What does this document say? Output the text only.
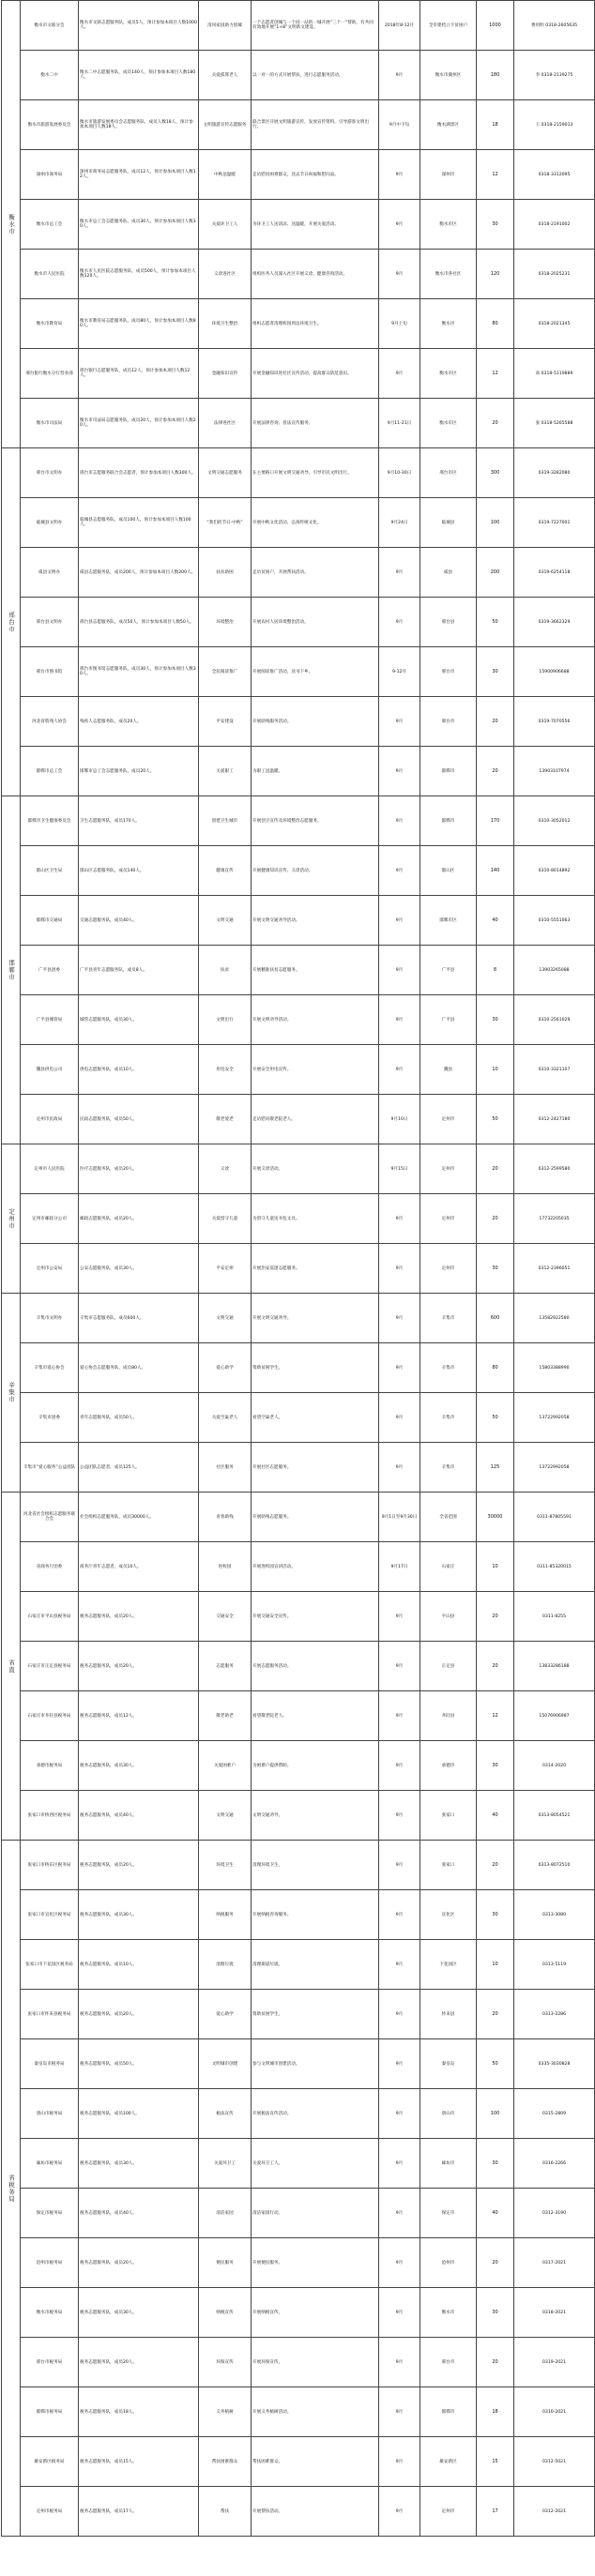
衡水市	衡水市文联分会	衡水市文联志愿服务队，成员5人，预计参加本项目人数1000人。	清风家园助力创城	一个志愿者创城与一个同一站的一城开展“三个一”帮助，有共同有效地开展“1+8”文明新文建设。	2018年8-12月	全市建档立卡贫困户	1000	费用明 0318-2605635
	衡水二中	衡水二中志愿服务队，成员140人，预计参加本项目人数180人。	关爱孤寡老人	以一对一的方式开展帮扶，进行志愿服务活动。	9月	衡水市冀州区	180	李 0318-2139275
	衡水市旅游发展委员会	衡水市旅游发展委员会志愿服务队，成员人数18人，预计参加本项目人数18人。	文明旅游宣传志愿服务	联合景区开展文明旅游宣传，发放宣传资料，引导游客文明出行。	9月中下旬	衡水湖景区	18	王 0318-2159013
	深州市商务局	深州市商务局志愿服务队，成员12人，预计参加本项目人数12人。	中秋送温暖	走访慰问困难群众，送去节日祝福和慰问品。	9月	深州市	12	0318-3312095
	衡水市总工会	衡水市总工会志愿服务队，成员30人，预计参加本项目人数30人。	关爱环卫工人	为环卫工人送清凉、送温暖，开展关爱活动。	9月	衡水市区	30	0318-2191002
	衡水市人民医院	衡水市人民医院志愿服务队，成员500人，预计参加本项目人数120人。	义诊进社区	组织医务人员深入社区开展义诊、健康咨询活动。	9月	衡水市各社区	120	0318-2025231
	衡水市教育局	衡水市教育局志愿服务队，成员80人，预计参加本项目人数80人。	环境卫生整治	组织志愿者清理校园周边环境卫生。	9月上旬	衡水市	80	0318-2021345
	邢台银行衡水分行营业部	邢台银行志愿服务队，成员12人，预计参加本项目人数12人。	金融知识宣传	开展金融知识进社区宣传活动，提高群众防范意识。	9月	衡水市区	12	高 0318-5119889
	衡水市司法局	衡水市司法局志愿服务队，成员20人，预计参加本项目人数20人。	法律进社区	开展法律咨询、普法宣传服务。	9月11-21日	衡水市区	20	张 0318-5265588
邢台市	邢台市文明办	邢台市志愿服务联合会志愿者，预计参加本项目人数300人。	文明交通志愿服务	在主要路口开展文明交通劝导，引导市民文明出行。	9月10-30日	邢台市区	300	0319-3282080
	临城县文明办	临城县志愿服务队，成员100人，预计参加本项目人数100人。	“我们的节日·中秋”	开展中秋文化活动，弘扬传统文化。	9月24日	临城县	100	0319-7227001
	威县文明办	威县志愿服务队，成员200人，预计参加本项目人数200人。	扶贫助困	走访贫困户，开展帮扶活动。	9月	威县	200	0319-6254118
	邢台县文明办	邢台县志愿服务队，成员50人，预计参加本项目人数50人。	环境整治	开展农村人居环境整治活动。	9月	邢台县	50	0319-3662329
	邢台市图书馆	邢台市图书馆志愿服务队，成员30人，预计参加本项目人数30人。	全民阅读推广	开展阅读推广活动，送书下乡。	9-12月	邢台市	30	15900906688
	河北省肢残人协会	残疾人志愿服务队，成员20人。	平安建设	开展助残服务活动。	9月	邢台市	20	0319-7070556
	邯郸市总工会	邯郸市总工会志愿服务队，成员20人。	关爱职工	为职工送温暖。	9月	邯郸市	20	13903107974
邯郸市	邯郸市卫生健康委员会	卫生志愿服务队，成员170人。	创建卫生城市	开展创卫宣传及环境整治志愿服务。	9月	邯郸市	170	0310-3052012
	邯山区卫生局	邯山区志愿服务队，成员140人。	健康宣传	开展健康知识宣传、义诊活动。	9月	邯山区	140	0310-8014892
	邯郸市交通局	交通志愿服务队，成员40人。	文明交通	开展文明交通劝导活动。	9月	邯郸市区	40	0310-5551063
	广平县团委	广平县青年志愿服务队，成员8人。	扶贫	开展精准扶贫志愿服务。	9月	广平县	8	13903265088
	广平县城管局	城管志愿服务队，成员30人。	文明出行	开展文明劝导活动。	9月	广平县	30	0310-2561029
	魏县供电公司	供电志愿服务队，成员10人。	用电安全	开展安全用电宣传。	9月	魏县	10	0310-3321107
	定州市民政局	民政志愿服务队，成员50人。	敬老爱老	走访慰问敬老院老人。	9月10日	定州市	50	0312-2427180
定州市	定州市人民医院	医疗志愿服务队，成员20人。	义诊	开展义诊活动。	9月15日	定州市	20	0312-2599580
	定州市邮政分公司	邮政志愿服务队，成员20人。	关爱留守儿童	为留守儿童送书包文具。	9月	定州市	20	17732205035
	定州市公安局	公安志愿服务队，成员30人。	平安定州	开展治安巡逻志愿服务。	9月	定州市	30	0312-2396051
辛集市	辛集市文明办	辛集市志愿服务队，成员600人。	文明交通	开展文明交通劝导。	9月	辛集市	600	13582922580
	辛集市爱心协会	爱心协会志愿服务队，成员80人。	爱心助学	资助贫困学生。	9月	辛集市	80	15803388990
	辛集市团委	青年志愿服务队，成员50人。	关爱空巢老人	看望空巢老人。	9月	辛集市	50	13722992058
	辛集市“爱心服务”公益团队	公益团队志愿者，成员125人。	社区服务	开展社区志愿服务。	9月	辛集市	125	13722992058
省直	河北省社会组织志愿服务联合会	社会组织志愿服务队，成员30000人。	青春助残	开展助残志愿服务。	9月1日至9月30日	全省范围	30000	0311-87805591
	省商务厅团委	商务厅青年志愿者，成员10人。	进校园	开展进校园宣讲活动。	9月17日	石家庄	10	0311-85320015
	石家庄市平山县税务局	税务志愿服务队，成员20人。	交通安全	开展交通安全宣传。	9月	平山县	20	0311-8255
	石家庄市正定县税务局	税务志愿服务队，成员20人。	志愿服务	开展志愿服务活动。	9月	正定县	20	13833286188
	石家庄市井陉县税务局	税务志愿服务队，成员12人。	敬老助老	看望敬老院老人。	9月	井陉县	12	15076906987
	承德市税务局	税务志愿服务队，成员30人。	关爱困难户	为困难户提供帮助。	9月	承德市	30	0314-2020
	张家口市桥西区税务局	税务志愿服务队，成员40人。	文明交通	文明交通劝导。	9月	张家口	40	0313-8054521
省税务局	张家口市桥东区税务局	税务志愿服务队，成员20人。	环境卫生	清理环境卫生。	9月	张家口	20	0313-8072510
	张家口市宣化区税务局	税务志愿服务队，成员30人。	纳税服务	开展纳税咨询服务。	9月	宣化区	30	0313-3080
	张家口市下花园区税务局	税务志愿服务队，成员10人。	清理垃圾	清理街道垃圾。	9月	下花园区	10	0313-5119
	张家口市怀来县税务局	税务志愿服务队，成员20人。	爱心助学	资助贫困学生。	9月	怀来县	20	0313-2286
	秦皇岛市税务局	税务志愿服务队，成员50人。	文明城市创建	参与文明城市创建活动。	9月	秦皇岛	50	0335-3030828
	唐山市税务局	税务志愿服务队，成员100人。	税法宣传	开展税法宣传活动。	9月	唐山市	100	0315-2809
	廊坊市税务局	税务志愿服务队，成员30人。	关爱环卫工	关爱环卫工人。	9月	廊坊市	30	0316-2266
	保定市税务局	税务志愿服务队，成员40人。	清洁家园	清洁家园行动。	9月	保定市	40	0312-3190
	沧州市税务局	税务志愿服务队，成员20人。	便民服务	开展便民服务。	9月	沧州市	20	0317-2021
	衡水市税务局	税务志愿服务队，成员30人。	纳税宣传	开展纳税宣传。	9月	衡水市	30	0318-2021
	邢台市税务局	税务志愿服务队，成员20人。	环保宣传	开展环保宣传。	9月	邢台市	20	0319-2021
	邯郸市税务局	税务志愿服务队，成员18人。	义务植树	开展义务植树活动。	9月	邯郸市	18	0310-2021
	雄安新区税务局	税务志愿服务队，成员15人。	帮扶困难群众	帮扶困难群众。	9月	雄安新区	15	0312-5021
	定州市税务局	税务志愿服务队，成员17人。	帮扶	开展帮扶活动。	9月	定州市	17	0312-2021
